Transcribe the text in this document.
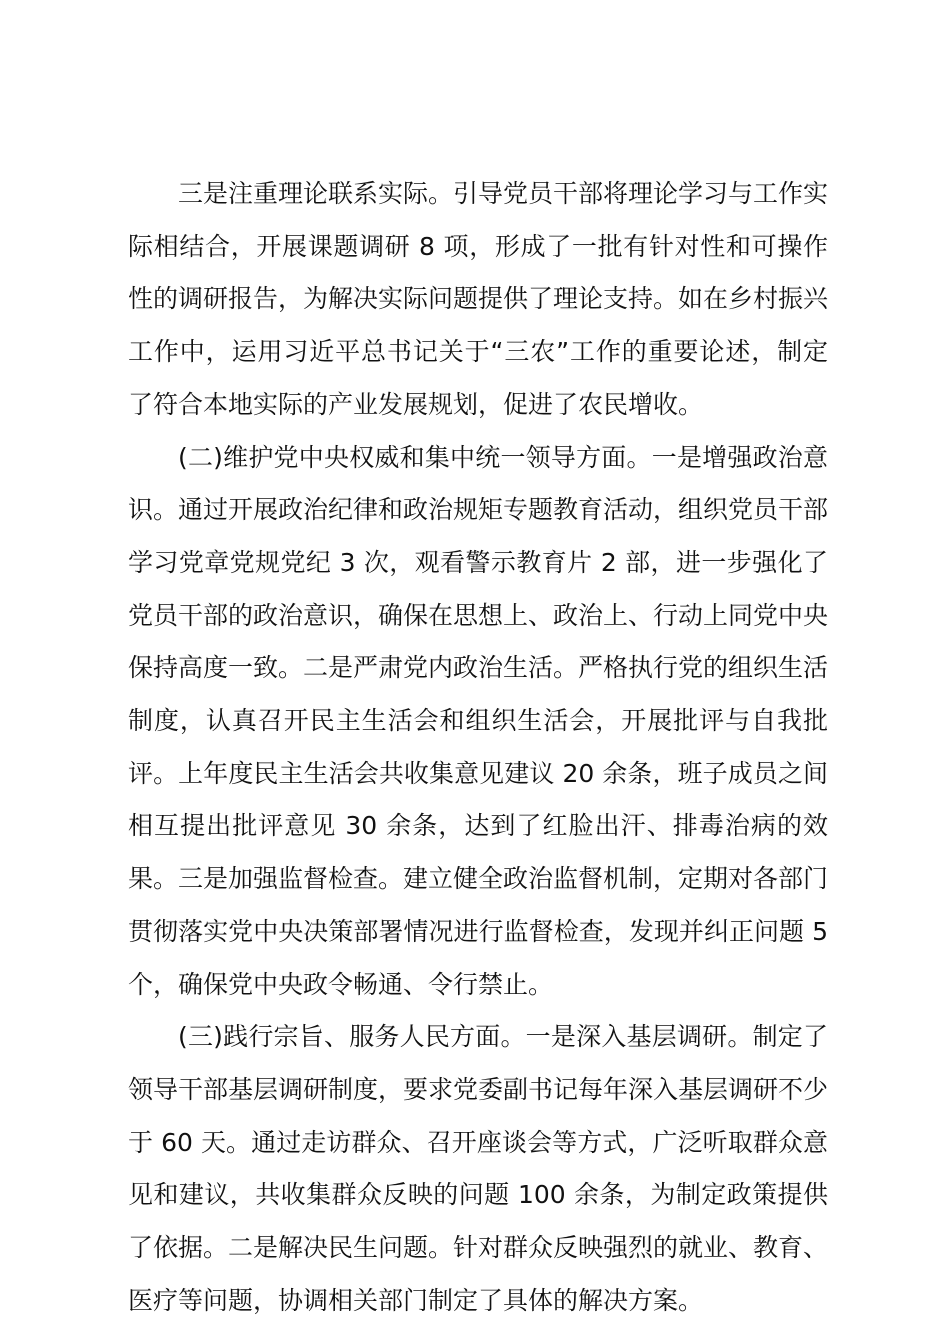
三是注重理论联系实际。引导党员干部将理论学习与工作实际相结合，开展课题调研 8 项，形成了一批有针对性和可操作性的调研报告，为解决实际问题提供了理论支持。如在乡村振兴工作中，运用习近平总书记关于“三农”工作的重要论述，制定了符合本地实际的产业发展规划，促进了农民增收。

(二)维护党中央权威和集中统一领导方面。一是增强政治意识。通过开展政治纪律和政治规矩专题教育活动，组织党员干部学习党章党规党纪 3 次，观看警示教育片 2 部，进一步强化了党员干部的政治意识，确保在思想上、政治上、行动上同党中央保持高度一致。二是严肃党内政治生活。严格执行党的组织生活制度，认真召开民主生活会和组织生活会，开展批评与自我批评。上年度民主生活会共收集意见建议 20 余条，班子成员之间相互提出批评意见 30 余条，达到了红脸出汗、排毒治病的效果。三是加强监督检查。建立健全政治监督机制，定期对各部门贯彻落实党中央决策部署情况进行监督检查，发现并纠正问题 5 个，确保党中央政令畅通、令行禁止。

(三)践行宗旨、服务人民方面。一是深入基层调研。制定了领导干部基层调研制度，要求党委副书记每年深入基层调研不少于 60 天。通过走访群众、召开座谈会等方式，广泛听取群众意见和建议，共收集群众反映的问题 100 余条，为制定政策提供了依据。二是解决民生问题。针对群众反映强烈的就业、教育、医疗等问题，协调相关部门制定了具体的解决方案。
